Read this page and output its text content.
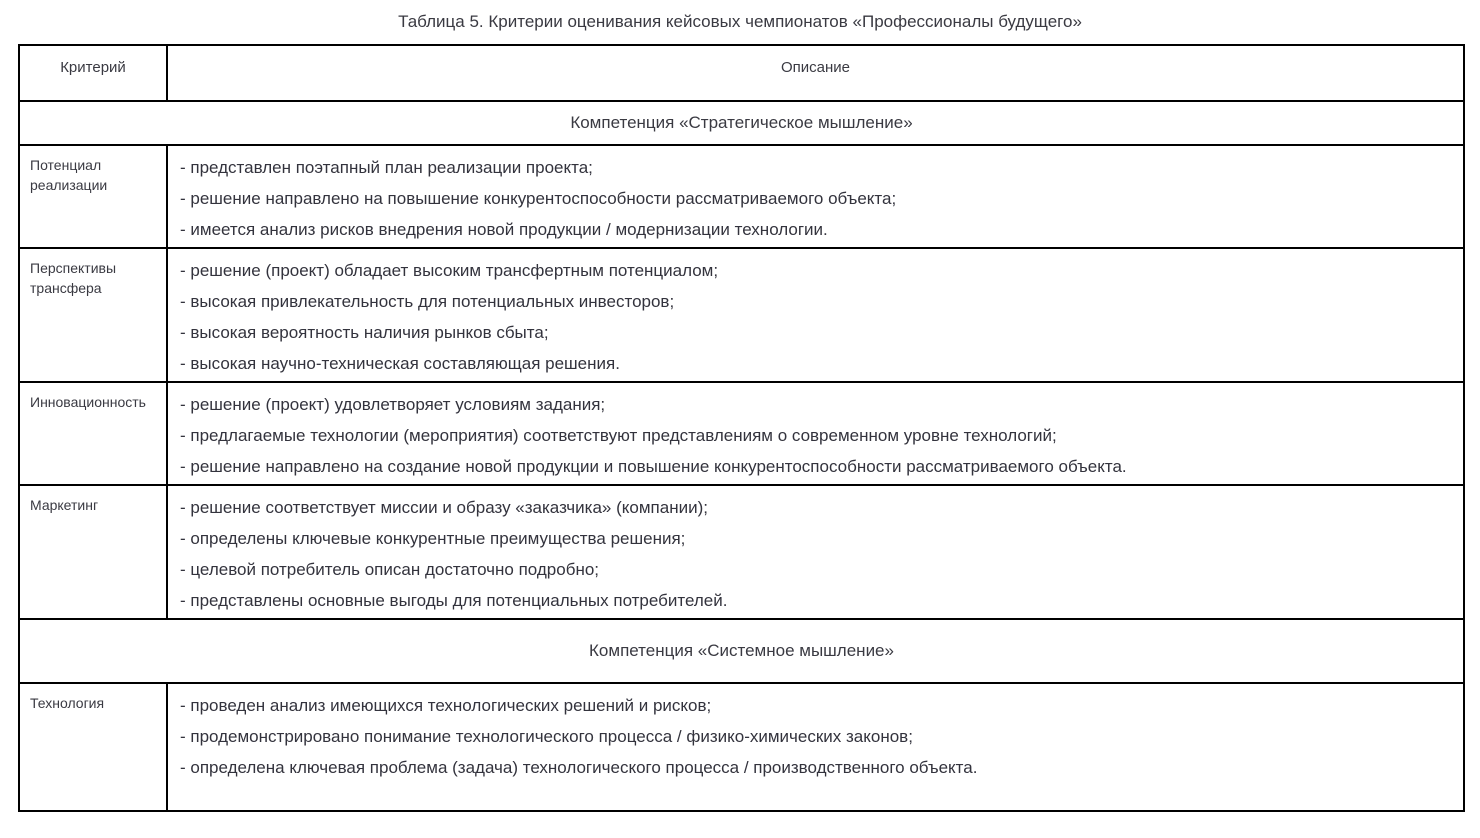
Таблица 5. Критерии оценивания кейсовых чемпионатов «Профессионалы будущего»
Критерий	Описание
Компетенция «Стратегическое мышление»	
Потенциал реализации	- представлен поэтапный план реализации проекта;
- решение направлено на повышение конкурентоспособности рассматриваемого объекта;
- имеется анализ рисков внедрения новой продукции / модернизации технологии.

Перспективы трансфера	- решение (проект) обладает высоким трансфертным потенциалом;
- высокая привлекательность для потенциальных инвесторов;
- высокая вероятность наличия рынков сбыта;
- высокая научно-техническая составляющая решения.

Инновационность	- решение (проект) удовлетворяет условиям задания;
- предлагаемые технологии (мероприятия) соответствуют представлениям о современном уровне технологий;
- решение направлено на создание новой продукции и повышение конкурентоспособности рассматриваемого объекта.

Маркетинг	- решение соответствует миссии и образу «заказчика» (компании);
- определены ключевые конкурентные преимущества решения;
- целевой потребитель описан достаточно подробно;
- представлены основные выгоды для потенциальных потребителей.

Компетенция «Системное мышление»	
Технология	- проведен анализ имеющихся технологических решений и рисков;
- продемонстрировано понимание технологического процесса / физико-химических законов;
- определена ключевая проблема (задача) технологического процесса / производственного объекта.
